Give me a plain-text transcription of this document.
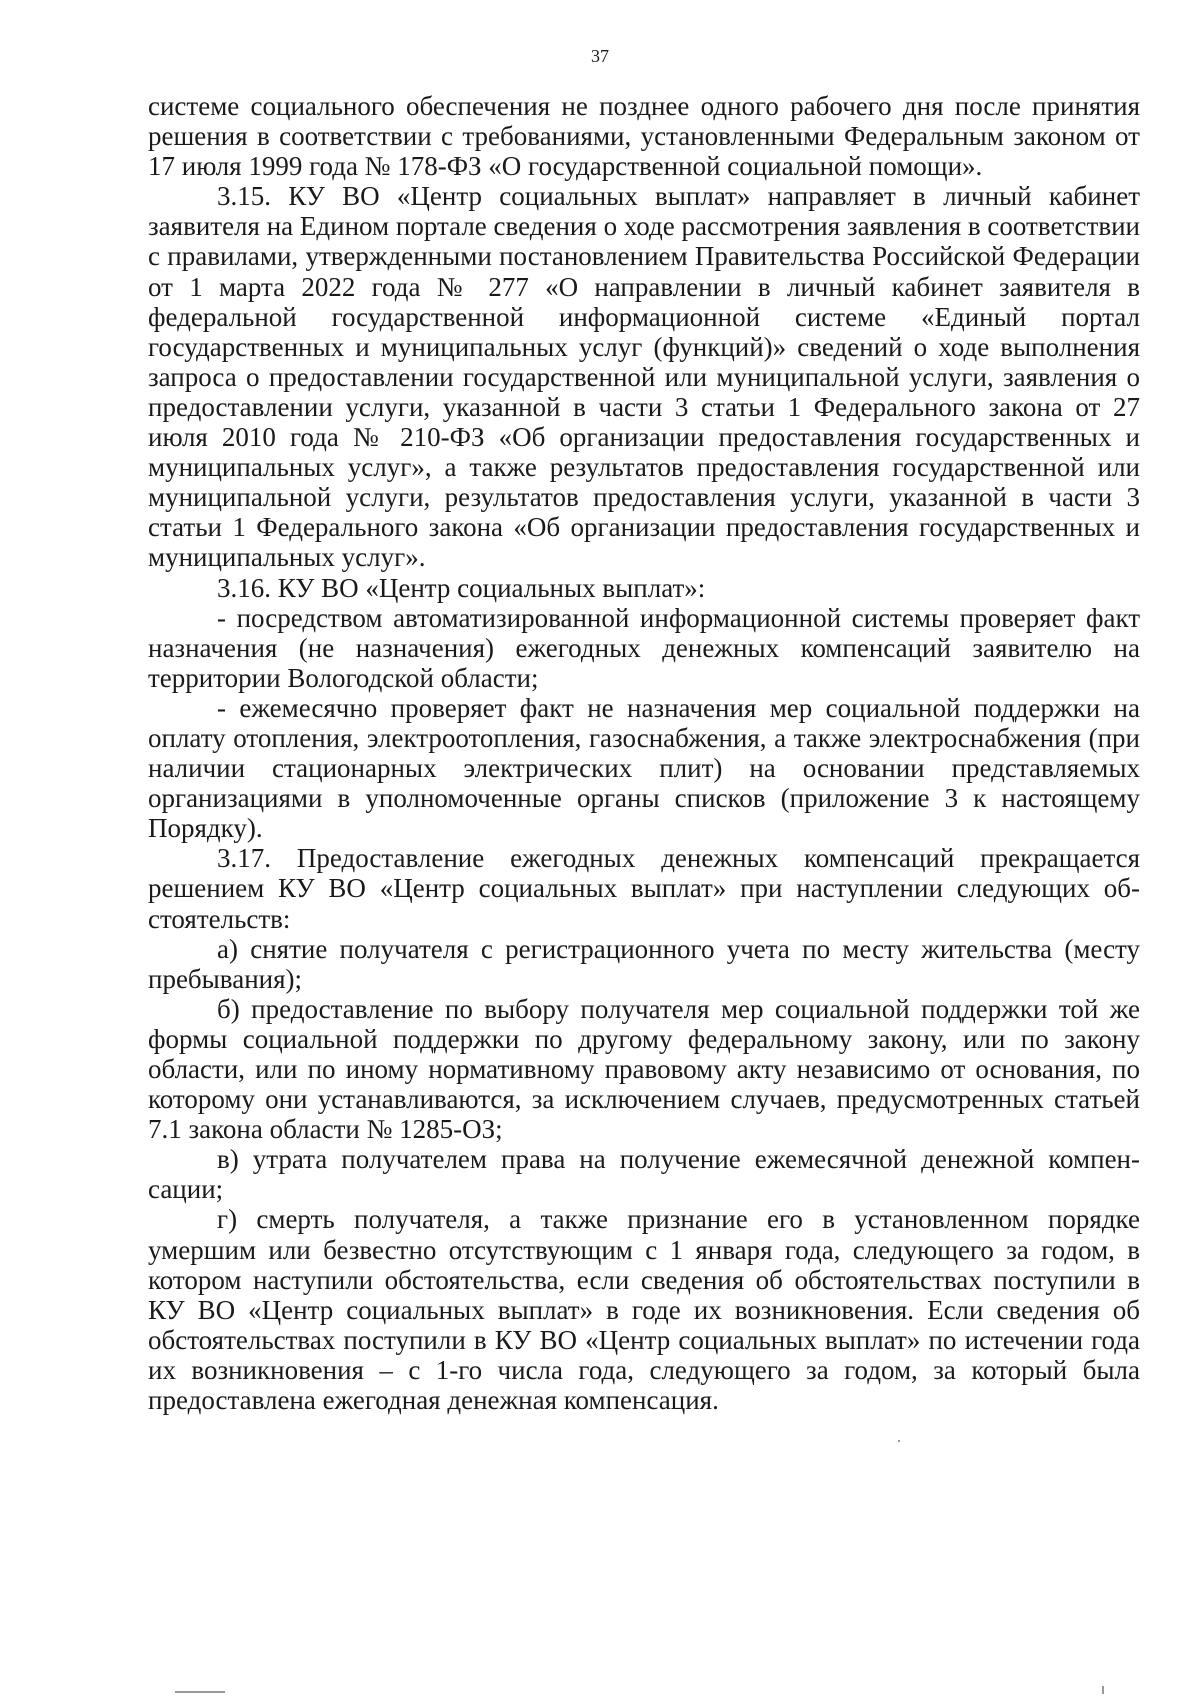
37

системе социального обеспечения не позднее одного рабочего дня после принятия решения в соответствии с требованиями, установленными Федеральным законом от 17 июля 1999 года № 178-ФЗ «О государственной социальной помощи».

3.15. КУ ВО «Центр социальных выплат» направляет в личный кабинет заявителя на Едином портале сведения о ходе рассмотрения заявления в соответствии с правилами, утвержденными постановлением Правительства Российской Федерации от 1 марта 2022 года № 277 «О направлении в личный кабинет заявителя в федеральной государственной информационной системе «Единый портал государственных и муниципальных услуг (функций)» сведений о ходе выполнения запроса о предоставлении государственной или муниципальной услуги, заявления о предоставлении услуги, указанной в части 3 статьи 1 Федерального закона от 27 июля 2010 года № 210-ФЗ «Об организации предоставления государственных и муниципальных услуг», а также результатов предоставления государственной или муниципальной услуги, результатов предоставления услуги, указанной в части 3 статьи 1 Федерального закона «Об организации предоставления государственных и муниципальных услуг».

3.16. КУ ВО «Центр социальных выплат»:

- посредством автоматизированной информационной системы проверяет факт назначения (не назначения) ежегодных денежных компенсаций заявителю на территории Вологодской области;

- ежемесячно проверяет факт не назначения мер социальной поддержки на оплату отопления, электроотопления, газоснабжения, а также электроснабжения (при наличии стационарных электрических плит) на основании представляемых организациями в уполномоченные органы списков (приложение 3 к настоящему Порядку).

3.17. Предоставление ежегодных денежных компенсаций прекращается решением КУ ВО «Центр социальных выплат» при наступлении следующих обстоятельств:

а) снятие получателя с регистрационного учета по месту жительства (месту пребывания);

б) предоставление по выбору получателя мер социальной поддержки той же формы социальной поддержки по другому федеральному закону, или по закону области, или по иному нормативному правовому акту независимо от основания, по которому они устанавливаются, за исключением случаев, предусмотренных статьей 7.1 закона области № 1285-ОЗ;

в) утрата получателем права на получение ежемесячной денежной компенсации;

г) смерть получателя, а также признание его в установленном порядке умершим или безвестно отсутствующим с 1 января года, следующего за годом, в котором наступили обстоятельства, если сведения об обстоятельствах поступили в КУ ВО «Центр социальных выплат» в годе их возникновения. Если сведения об обстоятельствах поступили в КУ ВО «Центр социальных выплат» по истечении года их возникновения – с 1-го числа года, следующего за годом, за который была предоставлена ежегодная денежная компенсация.
